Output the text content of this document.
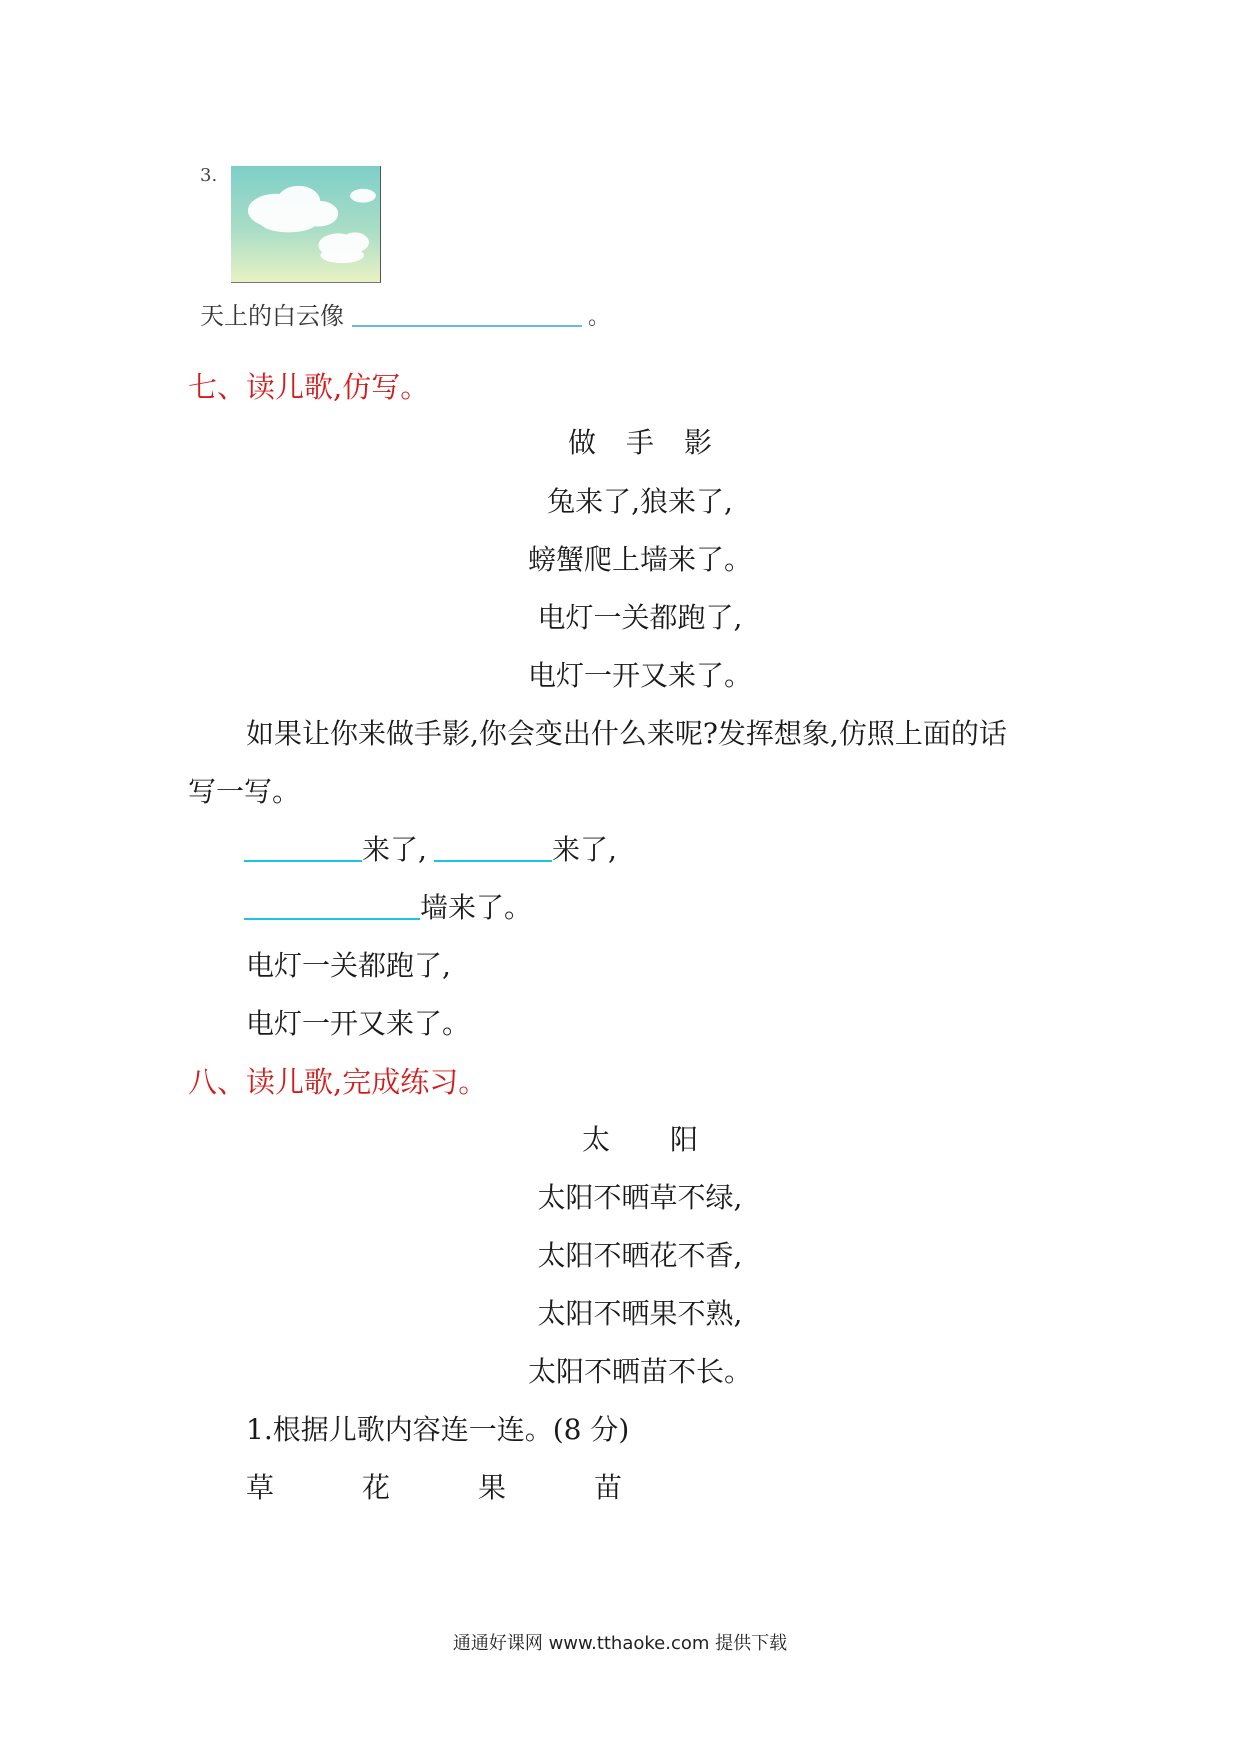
3.
天上的白云像	。
七、读儿歌,仿写。
做 手 影
兔来了,狼来了,
螃蟹爬上墙来了。
电灯一关都跑了,
电灯一开又来了。
如果让你来做手影,你会变出什么来呢?发挥想象,仿照上面的话
写一写。
来了,	来了,
墙来了。
电灯一关都跑了,
电灯一开又来了。
八、读儿歌,完成练习。
太 阳
太阳不晒草不绿,
太阳不晒花不香,
太阳不晒果不熟,
太阳不晒苗不长。
1.根据儿歌内容连一连。(8 分)
草	花	果	苗
通通好课网 www.tthaoke.com 提供下载
